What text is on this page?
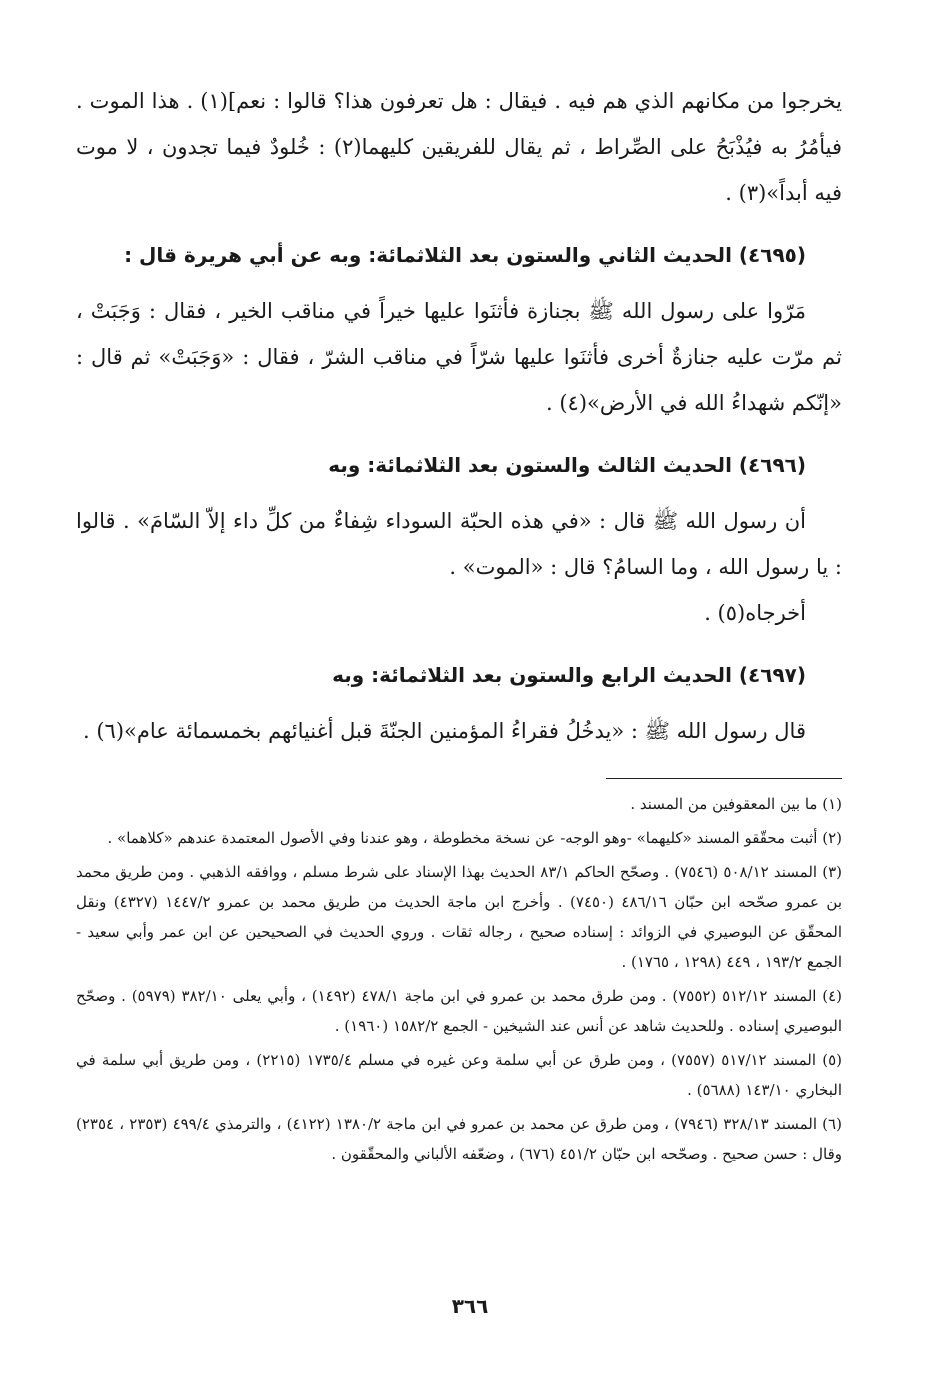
يخرجوا من مكانهم الذي هم فيه . فيقال : هل تعرفون هذا؟ قالوا : نعم](١) . هذا الموت . فيأمُرُ به فيُذْبَحُ على الصِّراط ، ثم يقال للفريقين كليهما(٢) : خُلودٌ فيما تجدون ، لا موت فيه أبداً»(٣) .

(٤٦٩٥) الحديث الثاني والستون بعد الثلاثمائة: وبه عن أبي هريرة قال :

مَرّوا على رسول الله ﷺ بجنازة فأثنَوا عليها خيراً في مناقب الخير ، فقال : وَجَبَتْ ، ثم مرّت عليه جنازةٌ أخرى فأثنَوا عليها شرّاً في مناقب الشرّ ، فقال : «وَجَبَتْ» ثم قال : «إنّكم شهداءُ الله في الأرض»(٤) .

(٤٦٩٦) الحديث الثالث والستون بعد الثلاثمائة: وبه

أن رسول الله ﷺ قال : «في هذه الحبّة السوداء شِفاءٌ من كلِّ داء إلاّ السّامَ» . قالوا : يا رسول الله ، وما السامُ؟ قال : «الموت» .

أخرجاه(٥) .

(٤٦٩٧) الحديث الرابع والستون بعد الثلاثمائة: وبه

قال رسول الله ﷺ : «يدخُلُ فقراءُ المؤمنين الجنّةَ قبل أغنيائهم بخمسمائة عام»(٦) .

(١) ما بين المعقوفين من المسند .

(٢) أثبت محقّقو المسند «كليهما» -وهو الوجه- عن نسخة مخطوطة ، وهو عندنا وفي الأصول المعتمدة عندهم «كلاهما» .

(٣) المسند ٥٠٨/١٢ (٧٥٤٦) . وصحّح الحاكم ٨٣/١ الحديث بهذا الإسناد على شرط مسلم ، ووافقه الذهبي . ومن طريق محمد بن عمرو صحّحه ابن حبّان ٤٨٦/١٦ (٧٤٥٠) . وأخرج ابن ماجة الحديث من طريق محمد بن عمرو ١٤٤٧/٢ (٤٣٢٧) ونقل المحقّق عن البوصيري في الزوائد : إسناده صحيح ، رجاله ثقات . وروي الحديث في الصحيحين عن ابن عمر وأبي سعيد - الجمع ١٩٣/٢ ، ٤٤٩ (١٢٩٨ ، ١٧٦٥) .

(٤) المسند ٥١٢/١٢ (٧٥٥٢) . ومن طرق محمد بن عمرو في ابن ماجة ٤٧٨/١ (١٤٩٢) ، وأبي يعلى ٣٨٢/١٠ (٥٩٧٩) . وصحّح البوصيري إسناده . وللحديث شاهد عن أنس عند الشيخين - الجمع ١٥٨٢/٢ (١٩٦٠) .

(٥) المسند ٥١٧/١٢ (٧٥٥٧) ، ومن طرق عن أبي سلمة وعن غيره في مسلم ١٧٣٥/٤ (٢٢١٥) ، ومن طريق أبي سلمة في البخاري ١٤٣/١٠ (٥٦٨٨) .

(٦) المسند ٣٢٨/١٣ (٧٩٤٦) ، ومن طرق عن محمد بن عمرو في ابن ماجة ١٣٨٠/٢ (٤١٢٢) ، والترمذي ٤٩٩/٤ (٢٣٥٣ ، ٢٣٥٤) وقال : حسن صحيح . وصحّحه ابن حبّان ٤٥١/٢ (٦٧٦) ، وضعّفه الألباني والمحقّقون .

٣٦٦
